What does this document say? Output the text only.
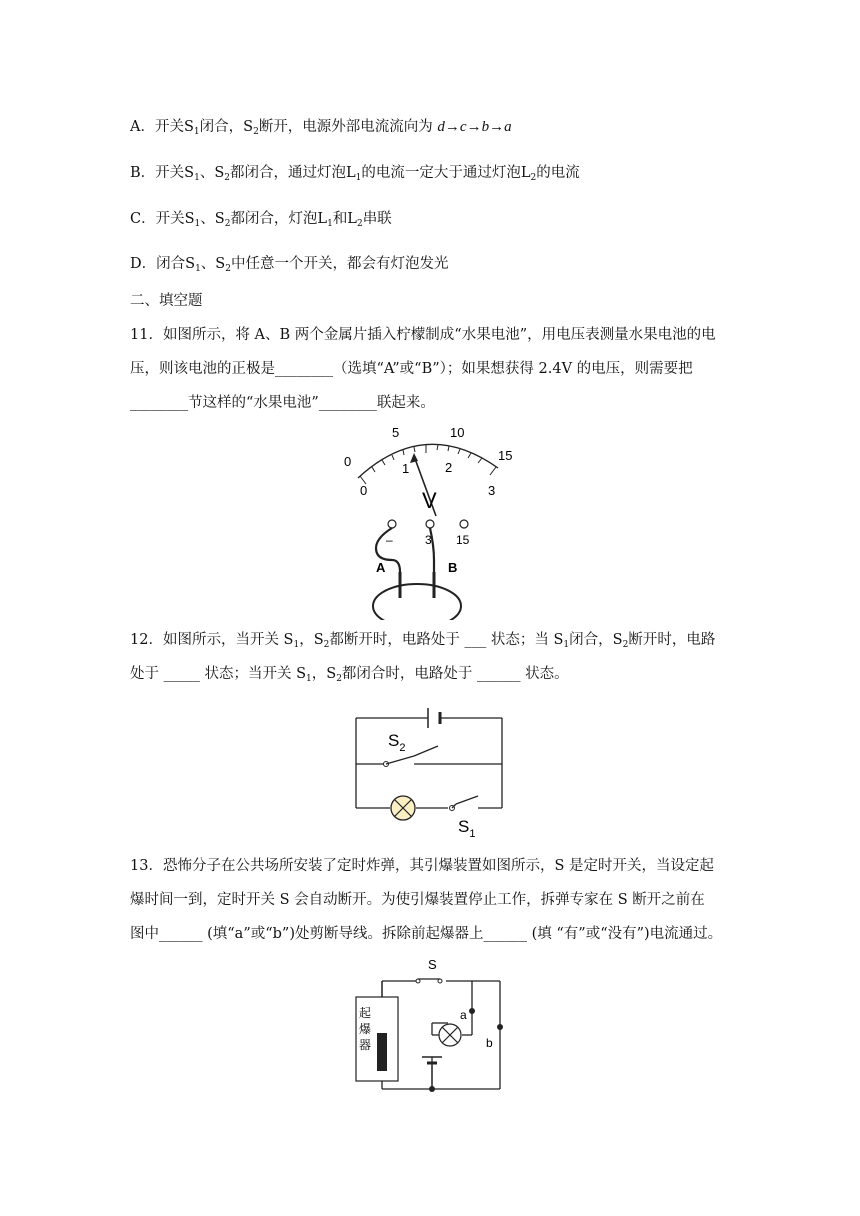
A．开关$S_1$闭合，$S_2$断开，电源外部电流流向为 d→c→b→a
B．开关$S_1$、$S_2$都闭合，通过灯泡$L_1$的电流一定大于通过灯泡$L_2$的电流
C．开关$S_1$、$S_2$都闭合，灯泡$L_1$和$L_2$串联
D．闭合$S_1$、$S_2$中任意一个开关，都会有灯泡发光
二、填空题
11．如图所示，将 A、B 两个金属片插入柠檬制成“水果电池”，用电压表测量水果电池的电
压，则该电池的正极是________（选填“A”或“B”）；如果想获得 2.4V 的电压，则需要把
________节这样的“水果电池”________联起来。
0
5	10
15
0
1	2
3
V
–	3 15
A	B
12．如图所示，当开关 $S_1$，$S_2$都断开时，电路处于 ___ 状态；当 $S_1$闭合，$S_2$断开时，电路
处于 _____ 状态；当开关 $S_1$，$S_2$都闭合时，电路处于 ______ 状态。
$S_2$
$S_1$
13．恐怖分子在公共场所安装了定时炸弹，其引爆装置如图所示，S 是定时开关，当设定起
爆时间一到，定时开关 S 会自动断开。为使引爆装置停止工作，拆弹专家在 S 断开之前在
图中______ (填“a”或“b”)处剪断导线。拆除前起爆器上______ (填 “有”或“没有”)电流通过。
起
爆
器
S
a
b
